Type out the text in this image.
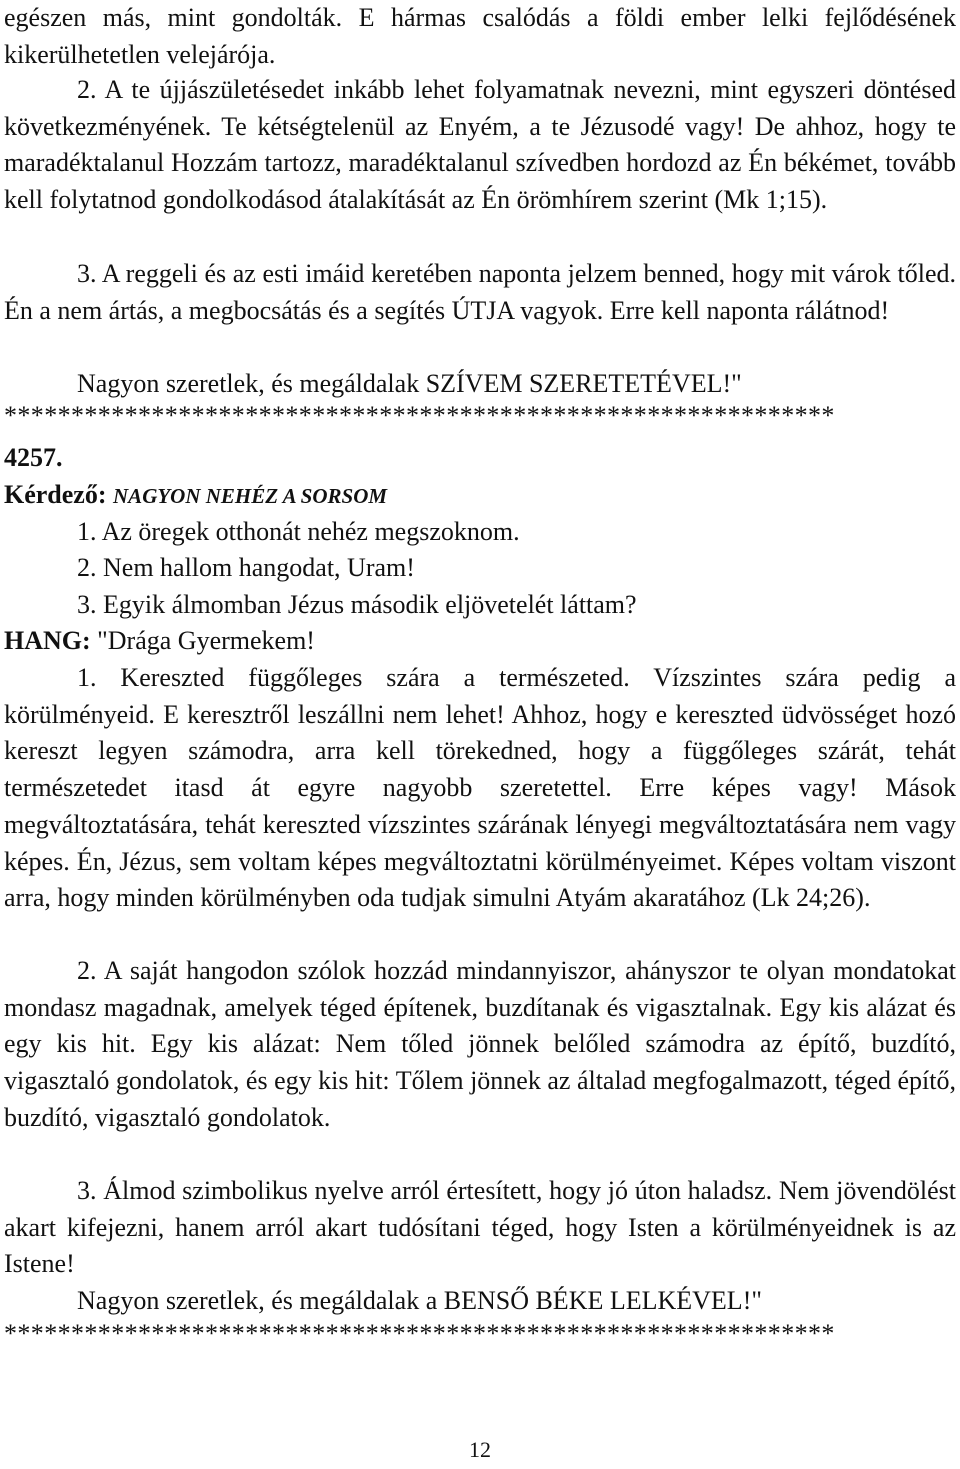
egészen más, mint gondolták. E hármas csalódás a földi ember lelki fejlődésének kikerülhetetlen velejárója.
2. A te újjászületésedet inkább lehet folyamatnak nevezni, mint egyszeri döntésed következményének. Te kétségtelenül az Enyém, a te Jézusodé vagy! De ahhoz, hogy te maradéktalanul Hozzám tartozz, maradéktalanul szívedben hordozd az Én békémet, tovább kell folytatnod gondolkodásod átalakítását az Én örömhírem szerint (Mk 1;15).
3. A reggeli és az esti imáid keretében naponta jelzem benned, hogy mit várok tőled. Én a nem ártás, a megbocsátás és a segítés ÚTJA vagyok. Erre kell naponta rálátnod!
Nagyon szeretlek, és megáldalak SZÍVEM SZERETETÉVEL!"
**************************************************************
4257.
Kérdező: NAGYON NEHÉZ A SORSOM
1. Az öregek otthonát nehéz megszoknom.
2. Nem hallom hangodat, Uram!
3. Egyik álmomban Jézus második eljövetelét láttam?
HANG: "Drága Gyermekem!
1. Kereszted függőleges szára a természeted. Vízszintes szára pedig a körülményeid. E keresztről leszállni nem lehet! Ahhoz, hogy e kereszted üdvösséget hozó kereszt legyen számodra, arra kell törekedned, hogy a függőleges szárát, tehát természetedet itasd át egyre nagyobb szeretettel. Erre képes vagy! Mások megváltoztatására, tehát kereszted vízszintes szárának lényegi megváltoztatására nem vagy képes. Én, Jézus, sem voltam képes megváltoztatni körülményeimet. Képes voltam viszont arra, hogy minden körülményben oda tudjak simulni Atyám akaratához (Lk 24;26).
2. A saját hangodon szólok hozzád mindannyiszor, ahányszor te olyan mondatokat mondasz magadnak, amelyek téged építenek, buzdítanak és vigasztalnak. Egy kis alázat és egy kis hit. Egy kis alázat: Nem tőled jönnek belőled számodra az építő, buzdító, vigasztaló gondolatok, és egy kis hit: Tőlem jönnek az általad megfogalmazott, téged építő, buzdító, vigasztaló gondolatok.
3. Álmod szimbolikus nyelve arról értesített, hogy jó úton haladsz. Nem jövendölést akart kifejezni, hanem arról akart tudósítani téged, hogy Isten a körülményeidnek is az Istene!
Nagyon szeretlek, és megáldalak a BENSŐ BÉKE LELKÉVEL!"
**************************************************************
12
